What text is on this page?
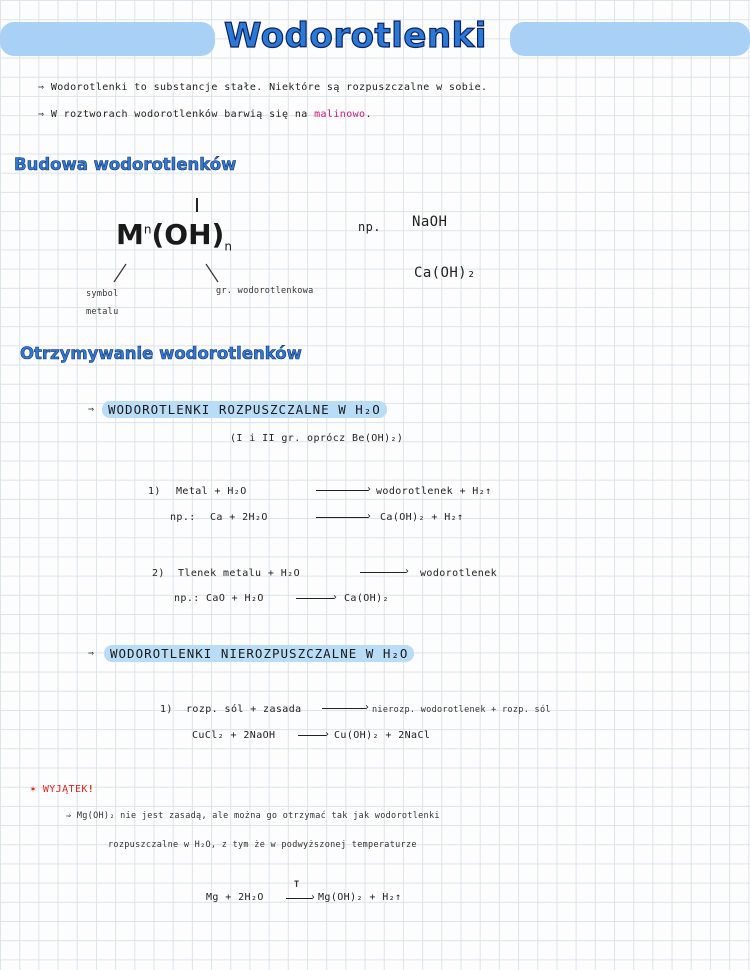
Wodorotlenki
⇒ Wodorotlenki to substancje stałe. Niektóre są rozpuszczalne w sobie.
⇒ W roztworach wodorotlenków barwią się na malinowo.
Budowa wodorotlenków
$M^n(OH)_n$
symbol metalu
gr. wodorotlenkowa
np. NaOH
Ca(OH)₂
Otrzymywanie wodorotlenków
⇒	WODOROTLENKI ROZPUSZCZALNE W H₂O
(I i II gr. oprócz Be(OH)₂)
1) Metal + H₂O	› wodorotlenek + H₂↑
np.: Ca + 2H₂O	› Ca(OH)₂ + H₂↑
2) Tlenek metalu + H₂O	› wodorotlenek
np.: CaO + H₂O	› Ca(OH)₂
⇒	WODOROTLENKI NIEROZPUSZCZALNE W H₂O
1) rozp. sól + zasada	› nierozp. wodorotlenek + rozp. sól
CuCl₂ + 2NaOH	› Cu(OH)₂ + 2NaCl
✶ WYJĄTEK!
⇒ Mg(OH)₂ nie jest zasadą, ale można go otrzymać tak jak wodorotlenki
rozpuszczalne w H₂O, z tym że w podwyższonej temperaturze
Mg + 2H₂O
T
› Mg(OH)₂ + H₂↑
